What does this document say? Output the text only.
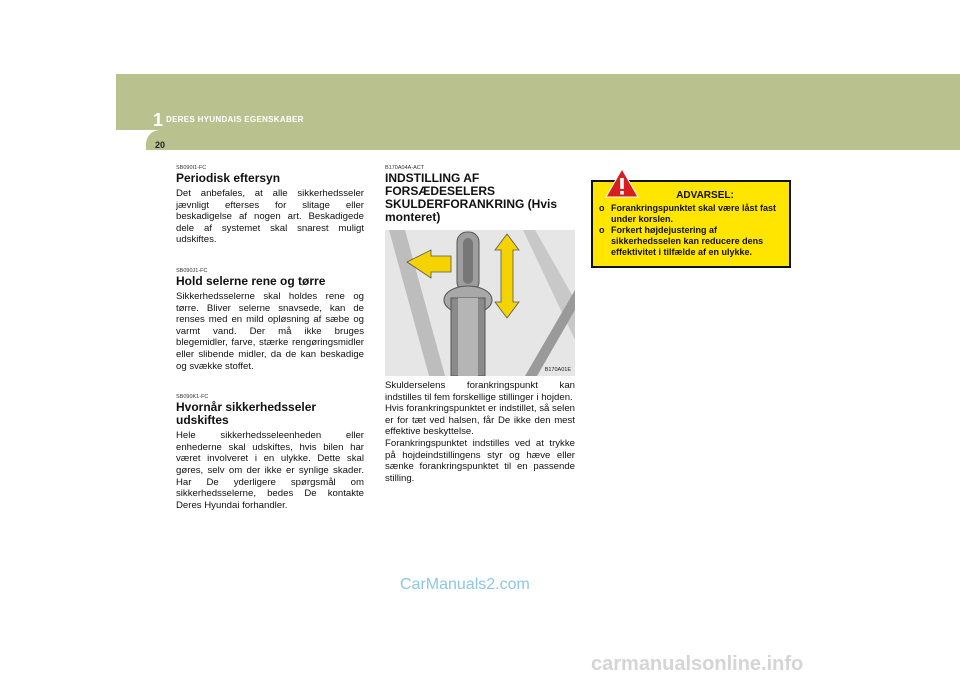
1 DERES HYUNDAIS EGENSKABER
20
SB090I1-FC
Periodisk eftersyn
Det anbefales, at alle sikkerhedsseler jævnligt efterses for slitage eller beskadigelse af nogen art. Beskadigede dele af systemet skal snarest muligt udskiftes.
SB090J1-FC
Hold selerne rene og tørre
Sikkerhedsselerne skal holdes rene og tørre. Bliver selerne snavsede, kan de renses med en mild opløsning af sæbe og varmt vand. Der må ikke bruges blegemidler, farve, stærke rengøringsmidler eller slibende midler, da de kan beskadige og svække stoffet.
SB090K1-FC
Hvornår sikkerhedsseler udskiftes
Hele sikkerhedsseleenheden eller enhederne skal udskiftes, hvis bilen har været involveret i en ulykke. Dette skal gøres, selv om der ikke er synlige skader. Har De yderligere spørgsmål om sikkerhedsselerne, bedes De kontakte Deres Hyundai forhandler.
B170A04A-ACT
INDSTILLING AF FORSÆDESELERS SKULDERFORANKRING (Hvis monteret)
B170A01E
Skulderselens forankringspunkt kan indstilles til fem forskellige stillinger i hojden.
Hvis forankringspunktet er indstillet, så selen er for tæt ved halsen, får De ikke den mest effektive beskyttelse.
Forankringspunktet indstilles ved at trykke på hojdeindstillingens styr og hæve eller sænke forankringspunktet til en passende stilling.
ADVARSEL:
o Forankringspunktet skal være låst fast under korslen.
o Forkert højdejustering af sikkerhedsselen kan reducere dens effektivitet i tilfælde af en ulykke.
CarManuals2.com
carmanualsonline.info
